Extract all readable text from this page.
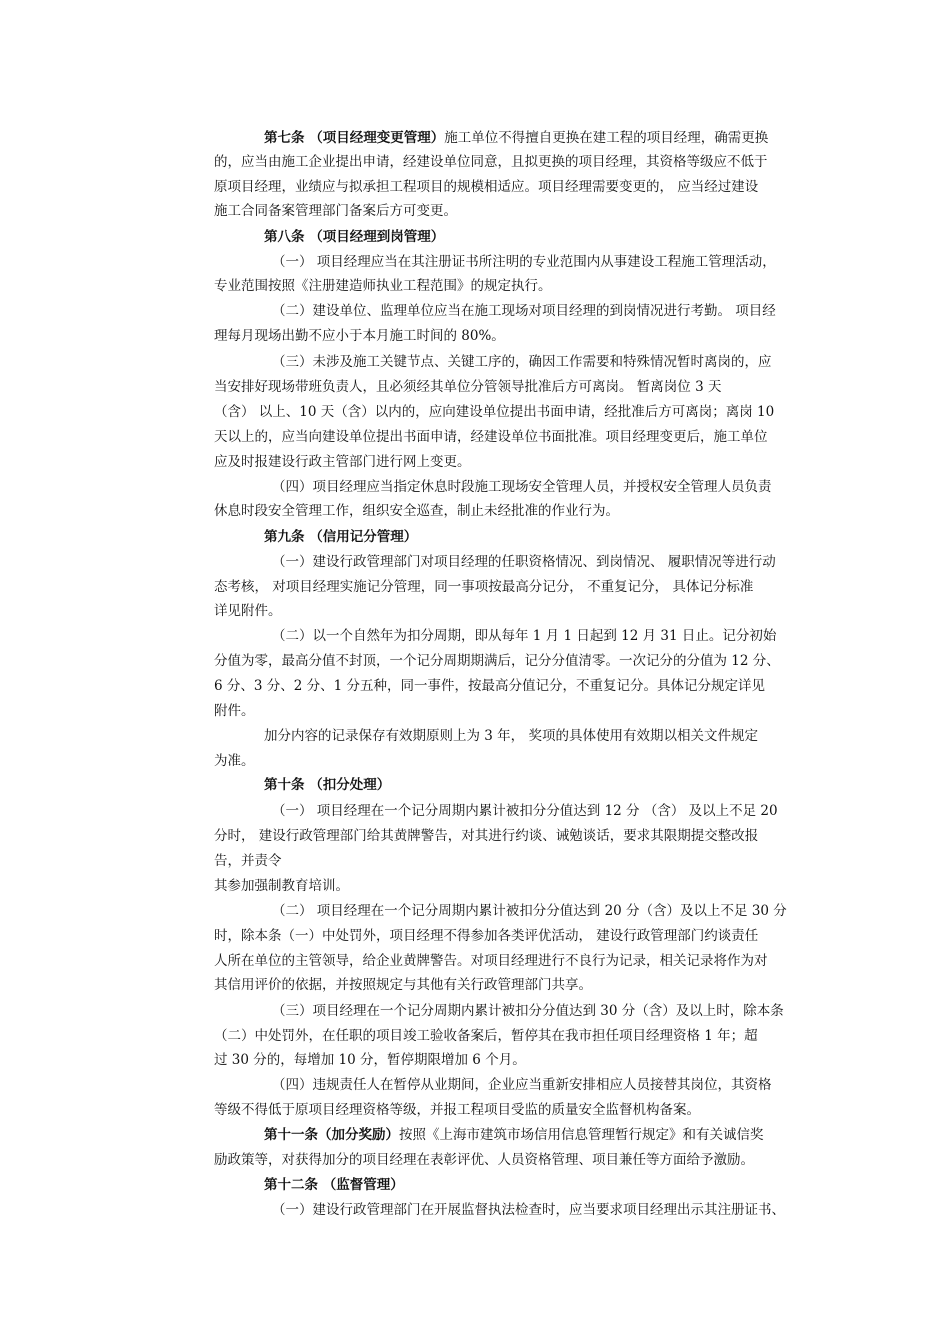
第七条 （项目经理变更管理）施工单位不得擅自更换在建工程的项目经理，确需更换
的，应当由施工企业提出申请，经建设单位同意，且拟更换的项目经理，其资格等级应不低于
原项目经理，业绩应与拟承担工程项目的规模相适应。项目经理需要变更的， 应当经过建设
施工合同备案管理部门备案后方可变更。
第八条 （项目经理到岗管理）
（一） 项目经理应当在其注册证书所注明的专业范围内从事建设工程施工管理活动，
专业范围按照《注册建造师执业工程范围》的规定执行。
（二）建设单位、监理单位应当在施工现场对项目经理的到岗情况进行考勤。 项目经
理每月现场出勤不应小于本月施工时间的 80%。
（三）未涉及施工关键节点、关键工序的，确因工作需要和特殊情况暂时离岗的，应
当安排好现场带班负责人，且必须经其单位分管领导批准后方可离岗。 暂离岗位 3 天
（含） 以上、10 天（含）以内的，应向建设单位提出书面申请，经批准后方可离岗；离岗 10
天以上的，应当向建设单位提出书面申请，经建设单位书面批准。项目经理变更后，施工单位
应及时报建设行政主管部门进行网上变更。
（四）项目经理应当指定休息时段施工现场安全管理人员，并授权安全管理人员负责
休息时段安全管理工作，组织安全巡查，制止未经批准的作业行为。
第九条 （信用记分管理）
（一）建设行政管理部门对项目经理的任职资格情况、到岗情况、 履职情况等进行动
态考核， 对项目经理实施记分管理，同一事项按最高分记分， 不重复记分， 具体记分标准
详见附件。
（二）以一个自然年为扣分周期，即从每年 1 月 1 日起到 12 月 31 日止。记分初始
分值为零，最高分值不封顶，一个记分周期期满后，记分分值清零。一次记分的分值为 12 分、
6 分、3 分、2 分、1 分五种，同一事件，按最高分值记分，不重复记分。具体记分规定详见
附件。
加分内容的记录保存有效期原则上为 3 年， 奖项的具体使用有效期以相关文件规定
为准。
第十条 （扣分处理）
（一） 项目经理在一个记分周期内累计被扣分分值达到 12 分 （含） 及以上不足 20
分时， 建设行政管理部门给其黄牌警告，对其进行约谈、诫勉谈话，要求其限期提交整改报
告，并责令
其参加强制教育培训。
（二） 项目经理在一个记分周期内累计被扣分分值达到 20 分（含）及以上不足 30 分
时，除本条（一）中处罚外，项目经理不得参加各类评优活动， 建设行政管理部门约谈责任
人所在单位的主管领导，给企业黄牌警告。对项目经理进行不良行为记录，相关记录将作为对
其信用评价的依据，并按照规定与其他有关行政管理部门共享。
（三）项目经理在一个记分周期内累计被扣分分值达到 30 分（含）及以上时，除本条
（二）中处罚外，在任职的项目竣工验收备案后，暂停其在我市担任项目经理资格 1 年；超
过 30 分的，每增加 10 分，暂停期限增加 6 个月。
（四）违规责任人在暂停从业期间，企业应当重新安排相应人员接替其岗位，其资格
等级不得低于原项目经理资格等级，并报工程项目受监的质量安全监督机构备案。
第十一条（加分奖励）按照《上海市建筑市场信用信息管理暂行规定》和有关诚信奖
励政策等，对获得加分的项目经理在表彰评优、人员资格管理、项目兼任等方面给予激励。
第十二条 （监督管理）
（一）建设行政管理部门在开展监督执法检查时，应当要求项目经理出示其注册证书、
